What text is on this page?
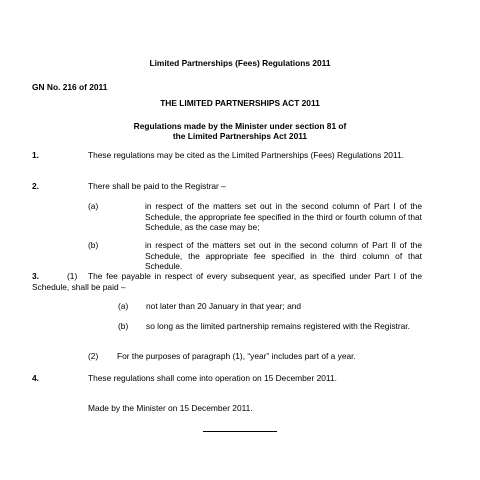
Limited Partnerships (Fees) Regulations 2011
GN No. 216 of 2011
THE LIMITED PARTNERSHIPS ACT 2011
Regulations made by the Minister under section 81 of
the Limited Partnerships Act 2011
1.	These regulations may be cited as the Limited Partnerships (Fees) Regulations 2011.
2.	There shall be paid to the Registrar –
(a)	in respect of the matters set out in the second column of Part I of the Schedule, the appropriate fee specified in the third or fourth column of that Schedule, as the case may be;
(b)	in respect of the matters set out in the second column of Part II of the Schedule, the appropriate fee specified in the third column of that Schedule.
3.	(1)	The fee payable in respect of every subsequent year, as specified under Part I of the Schedule, shall be paid –
(a) not later than 20 January in that year; and
(b) so long as the limited partnership remains registered with the Registrar.
(2) For the purposes of paragraph (1), “year” includes part of a year.
4.	These regulations shall come into operation on 15 December 2011.
Made by the Minister on 15 December 2011.
